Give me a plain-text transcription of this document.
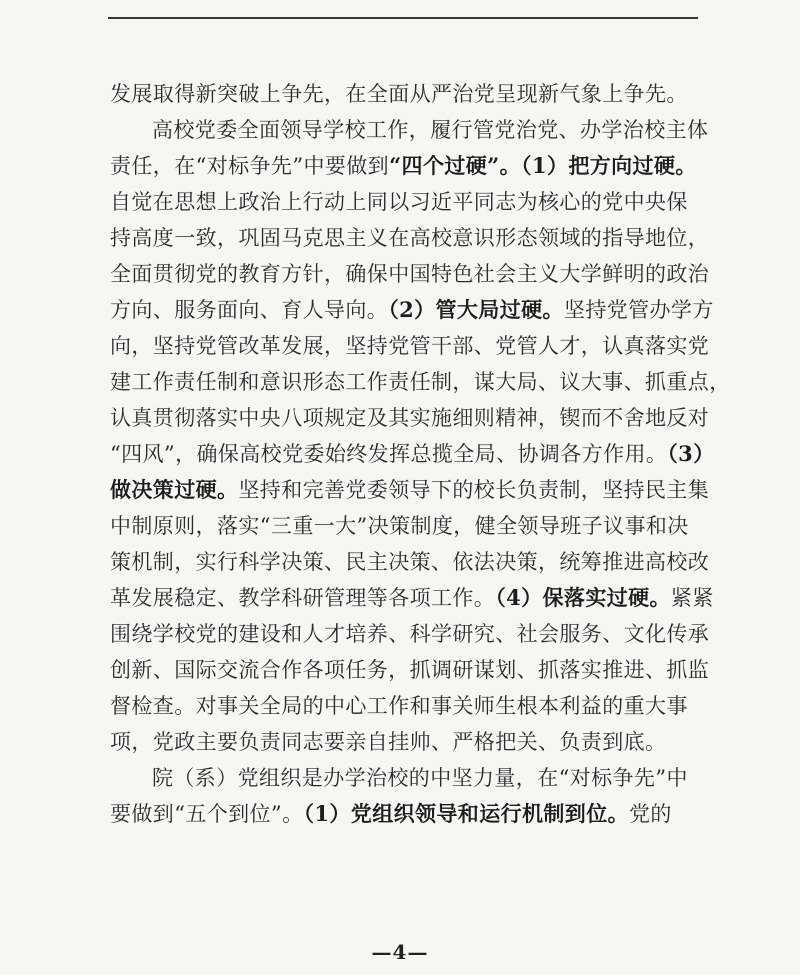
发展取得新突破上争先，在全面从严治党呈现新气象上争先。
高校党委全面领导学校工作，履行管党治党、办学治校主体
责任，在“对标争先”中要做到“四个过硬”。（1）把方向过硬。
自觉在思想上政治上行动上同以习近平同志为核心的党中央保
持高度一致，巩固马克思主义在高校意识形态领域的指导地位，
全面贯彻党的教育方针，确保中国特色社会主义大学鲜明的政治
方向、服务面向、育人导向。（2）管大局过硬。坚持党管办学方
向，坚持党管改革发展，坚持党管干部、党管人才，认真落实党
建工作责任制和意识形态工作责任制，谋大局、议大事、抓重点，
认真贯彻落实中央八项规定及其实施细则精神，锲而不舍地反对
“四风”，确保高校党委始终发挥总揽全局、协调各方作用。（3）
做决策过硬。坚持和完善党委领导下的校长负责制，坚持民主集
中制原则，落实“三重一大”决策制度，健全领导班子议事和决
策机制，实行科学决策、民主决策、依法决策，统筹推进高校改
革发展稳定、教学科研管理等各项工作。（4）保落实过硬。紧紧
围绕学校党的建设和人才培养、科学研究、社会服务、文化传承
创新、国际交流合作各项任务，抓调研谋划、抓落实推进、抓监
督检查。对事关全局的中心工作和事关师生根本利益的重大事
项，党政主要负责同志要亲自挂帅、严格把关、负责到底。
院（系）党组织是办学治校的中坚力量，在“对标争先”中
要做到“五个到位”。（1）党组织领导和运行机制到位。党的
—4—
